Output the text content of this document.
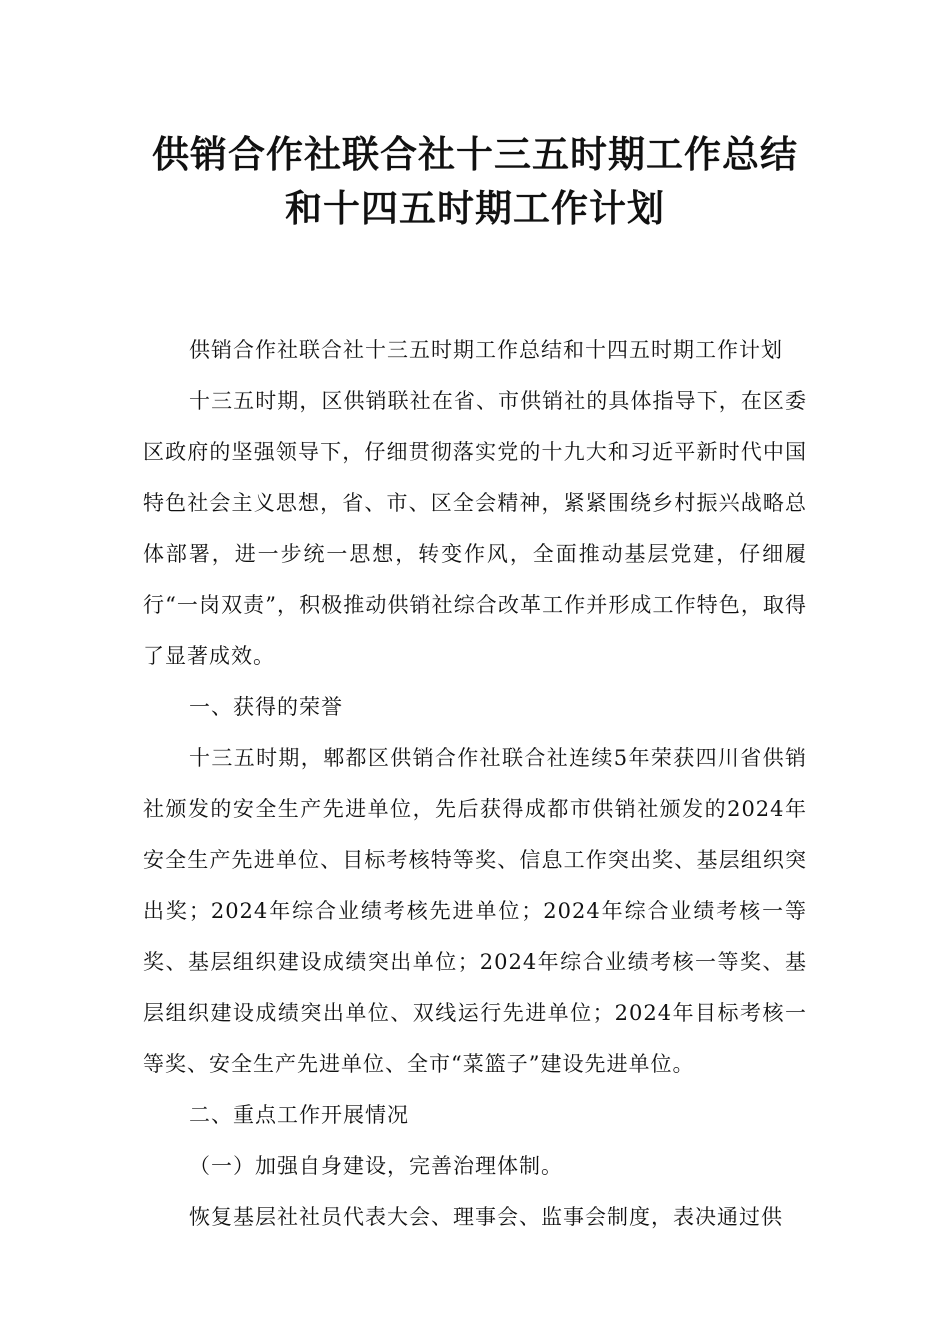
供销合作社联合社十三五时期工作总结
和十四五时期工作计划

供销合作社联合社十三五时期工作总结和十四五时期工作计划

十三五时期，区供销联社在省、市供销社的具体指导下，在区委区政府的坚强领导下，仔细贯彻落实党的十九大和习近平新时代中国特色社会主义思想，省、市、区全会精神，紧紧围绕乡村振兴战略总体部署，进一步统一思想，转变作风，全面推动基层党建，仔细履行“一岗双责”，积极推动供销社综合改革工作并形成工作特色，取得了显著成效。

一、获得的荣誉

十三五时期，郫都区供销合作社联合社连续5年荣获四川省供销社颁发的安全生产先进单位，先后获得成都市供销社颁发的2024年安全生产先进单位、目标考核特等奖、信息工作突出奖、基层组织突出奖；2024年综合业绩考核先进单位；2024年综合业绩考核一等奖、基层组织建设成绩突出单位；2024年综合业绩考核一等奖、基层组织建设成绩突出单位、双线运行先进单位；2024年目标考核一等奖、安全生产先进单位、全市“菜篮子”建设先进单位。

二、重点工作开展情况

（一）加强自身建设，完善治理体制。

恢复基层社社员代表大会、理事会、监事会制度，表决通过供
